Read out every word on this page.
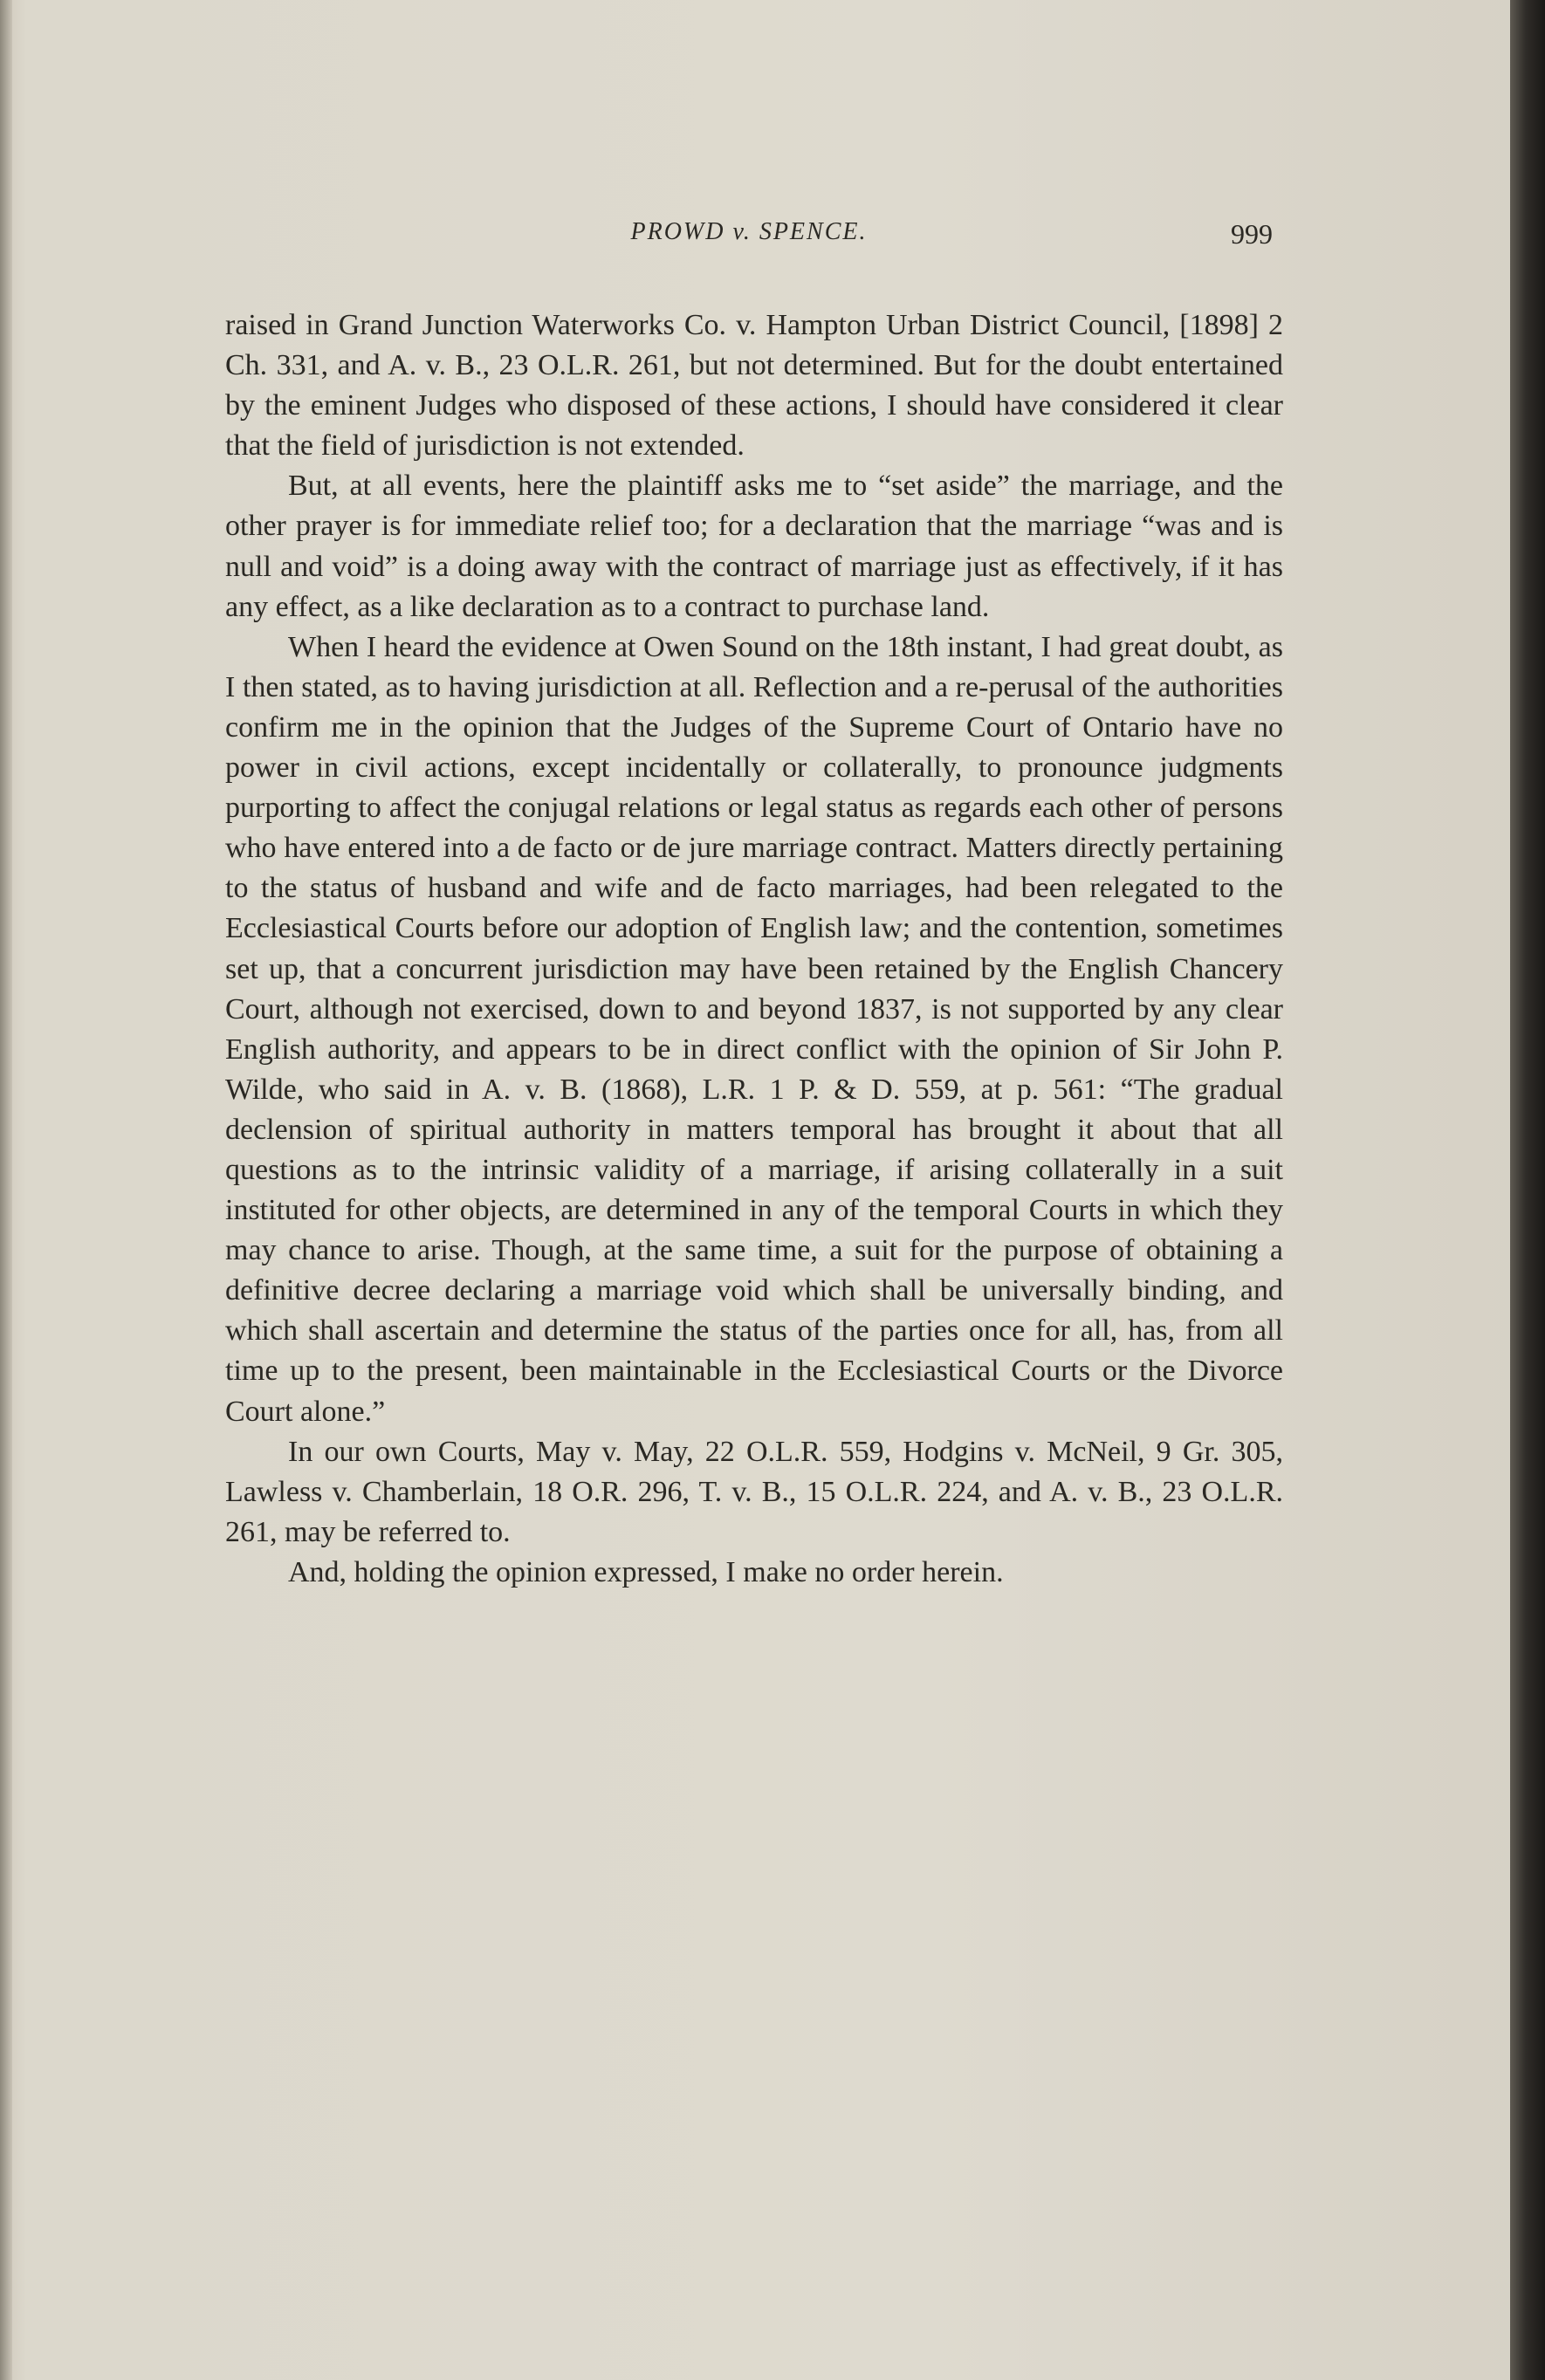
PROWD v. SPENCE.	999

raised in Grand Junction Waterworks Co. v. Hampton Urban District Council, [1898] 2 Ch. 331, and A. v. B., 23 O.L.R. 261, but not determined. But for the doubt entertained by the eminent Judges who disposed of these actions, I should have considered it clear that the field of jurisdiction is not extended.

But, at all events, here the plaintiff asks me to “set aside” the marriage, and the other prayer is for immediate relief too; for a declaration that the marriage “was and is null and void” is a doing away with the contract of marriage just as effectively, if it has any effect, as a like declaration as to a contract to purchase land.

When I heard the evidence at Owen Sound on the 18th instant, I had great doubt, as I then stated, as to having jurisdiction at all. Reflection and a re-perusal of the authorities confirm me in the opinion that the Judges of the Supreme Court of Ontario have no power in civil actions, except incidentally or collaterally, to pronounce judgments purporting to affect the conjugal relations or legal status as regards each other of persons who have entered into a de facto or de jure marriage contract. Matters directly pertaining to the status of husband and wife and de facto marriages, had been relegated to the Ecclesiastical Courts before our adoption of English law; and the contention, sometimes set up, that a concurrent jurisdiction may have been retained by the English Chancery Court, although not exercised, down to and beyond 1837, is not supported by any clear English authority, and appears to be in direct conflict with the opinion of Sir John P. Wilde, who said in A. v. B. (1868), L.R. 1 P. & D. 559, at p. 561: “The gradual declension of spiritual authority in matters temporal has brought it about that all questions as to the intrinsic validity of a marriage, if arising collaterally in a suit instituted for other objects, are determined in any of the temporal Courts in which they may chance to arise. Though, at the same time, a suit for the purpose of obtaining a definitive decree declaring a marriage void which shall be universally binding, and which shall ascertain and determine the status of the parties once for all, has, from all time up to the present, been maintainable in the Ecclesiastical Courts or the Divorce Court alone.”

In our own Courts, May v. May, 22 O.L.R. 559, Hodgins v. McNeil, 9 Gr. 305, Lawless v. Chamberlain, 18 O.R. 296, T. v. B., 15 O.L.R. 224, and A. v. B., 23 O.L.R. 261, may be referred to.

And, holding the opinion expressed, I make no order herein.
